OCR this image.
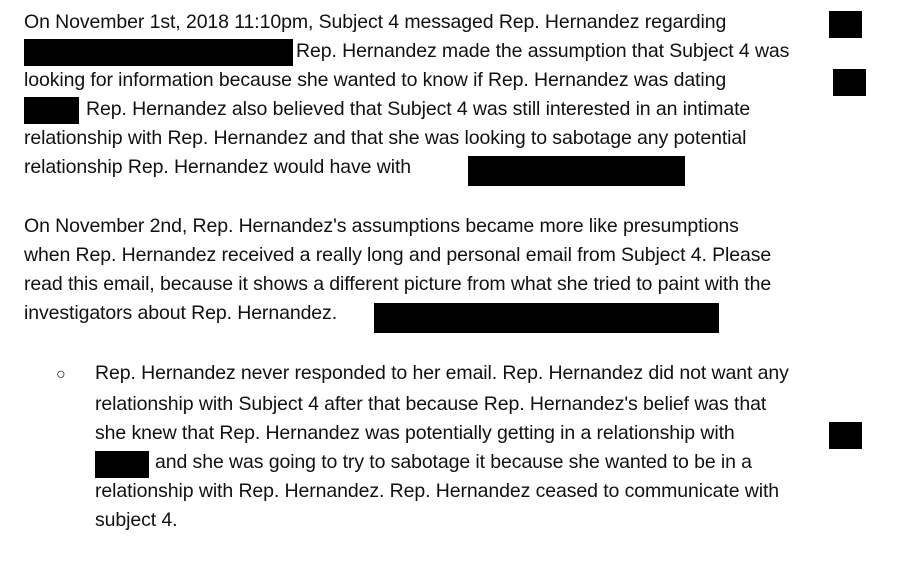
On November 1st, 2018 11:10pm, Subject 4 messaged Rep. Hernandez regarding
Rep. Hernandez made the assumption that Subject 4 was
looking for information because she wanted to know if Rep. Hernandez was dating
Rep. Hernandez also believed that Subject 4 was still interested in an intimate
relationship with Rep. Hernandez and that she was looking to sabotage any potential
relationship Rep. Hernandez would have with
On November 2nd, Rep. Hernandez's assumptions became more like presumptions
when Rep. Hernandez received a really long and personal email from Subject 4. Please
read this email, because it shows a different picture from what she tried to paint with the
investigators about Rep. Hernandez.
○ Rep. Hernandez never responded to her email. Rep. Hernandez did not want any
relationship with Subject 4 after that because Rep. Hernandez's belief was that
she knew that Rep. Hernandez was potentially getting in a relationship with
and she was going to try to sabotage it because she wanted to be in a
relationship with Rep. Hernandez. Rep. Hernandez ceased to communicate with
subject 4.
